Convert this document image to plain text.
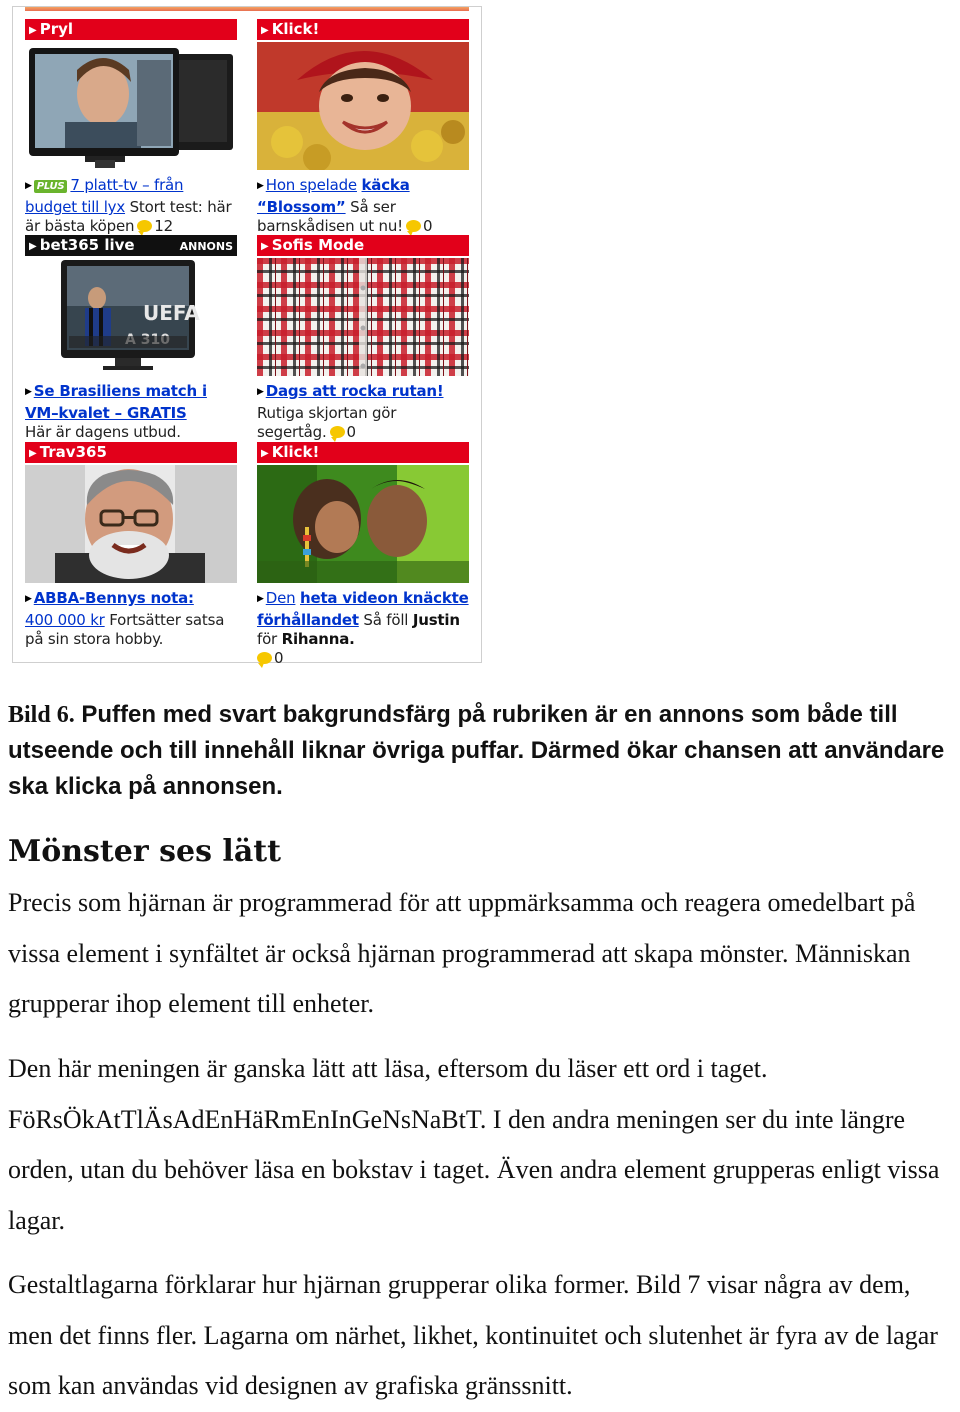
▶ Pryl
▶ PLUS 7 platt-tv – från budget till lyx Stort test: här är bästa köpen 12
▶ bet365 live	ANNONS
UEFA
▶ Se Brasiliens match i VM–kvalet – GRATIS
Här är dagens utbud.
▶ Trav365
▶ ABBA-Bennys nota:
400 000 kr Fortsätter satsa på sin stora hobby.
▶ Klick!
▶ Hon spelade käcka “Blossom” Så ser barnskådisen ut nu! 0
▶ Sofis Mode
▶ Dags att rocka rutan!
Rutiga skjortan gör segertåg. 0
▶ Klick!
▶ Den heta videon knäckte förhållandet Så föll Justin för Rihanna.
0

Bild 6. Puffen med svart bakgrundsfärg på rubriken är en annons som både till utseende och till innehåll liknar övriga puffar. Därmed ökar chansen att användare ska klicka på annonsen.

Mönster ses lätt

Precis som hjärnan är programmerad för att uppmärksamma och reagera omedelbart på vissa element i synfältet är också hjärnan programmerad att skapa mönster. Människan grupperar ihop element till enheter.

Den här meningen är ganska lätt att läsa, eftersom du läser ett ord i taget. FöRsÖkAtTlÄsAdEnHäRmEnInGeNsNaBtT. I den andra meningen ser du inte längre orden, utan du behöver läsa en bokstav i taget. Även andra element grupperas enligt vissa lagar.

Gestaltlagarna förklarar hur hjärnan grupperar olika former. Bild 7 visar några av dem, men det finns fler. Lagarna om närhet, likhet, kontinuitet och slutenhet är fyra av de lagar som kan användas vid designen av grafiska gränssnitt.
